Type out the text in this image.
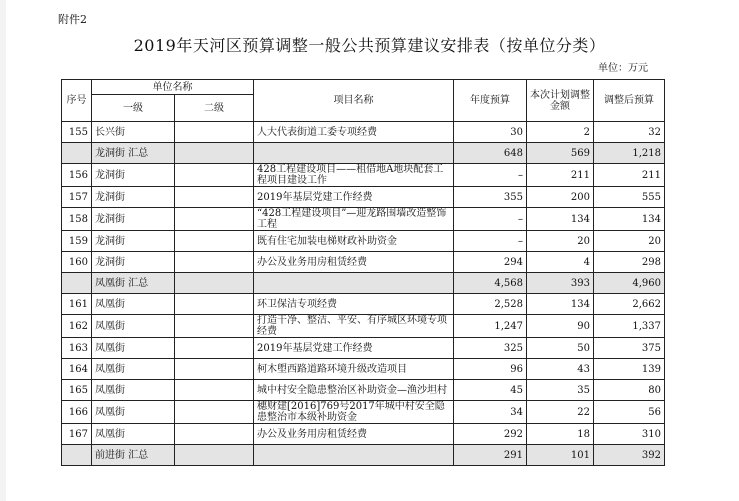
附件2
2019年天河区预算调整一般公共预算建议安排表（按单位分类）
单位：万元
序号	单位名称		项目名称	年度预算	本次计划调整金额	调整后预算
	一级	二级				
155	长兴街		人大代表街道工委专项经费	30	2	32
	龙洞街 汇总			648	569	1,218
156	龙洞街		428工程建设项目——租借地A地块配套工程项目建设工作	–	211	211
157	龙洞街		2019年基层党建工作经费	355	200	555
158	龙洞街		“428工程建设项目”—迎龙路围墙改造整饰工程	–	134	134
159	龙洞街		既有住宅加装电梯财政补助资金	–	20	20
160	龙洞街		办公及业务用房租赁经费	294	4	298
	凤凰街 汇总			4,568	393	4,960
161	凤凰街		环卫保洁专项经费	2,528	134	2,662
162	凤凰街		打造干净、整洁、平安、有序城区环境专项经费	1,247	90	1,337
163	凤凰街		2019年基层党建工作经费	325	50	375
164	凤凰街		柯木塱西路道路环境升级改造项目	96	43	139
165	凤凰街		城中村安全隐患整治区补助资金—渔沙坦村	45	35	80
166	凤凰街		穗财建[2016]769号2017年城中村安全隐患整治市本级补助资金	34	22	56
167	凤凰街		办公及业务用房租赁经费	292	18	310
	前进街 汇总			291	101	392
